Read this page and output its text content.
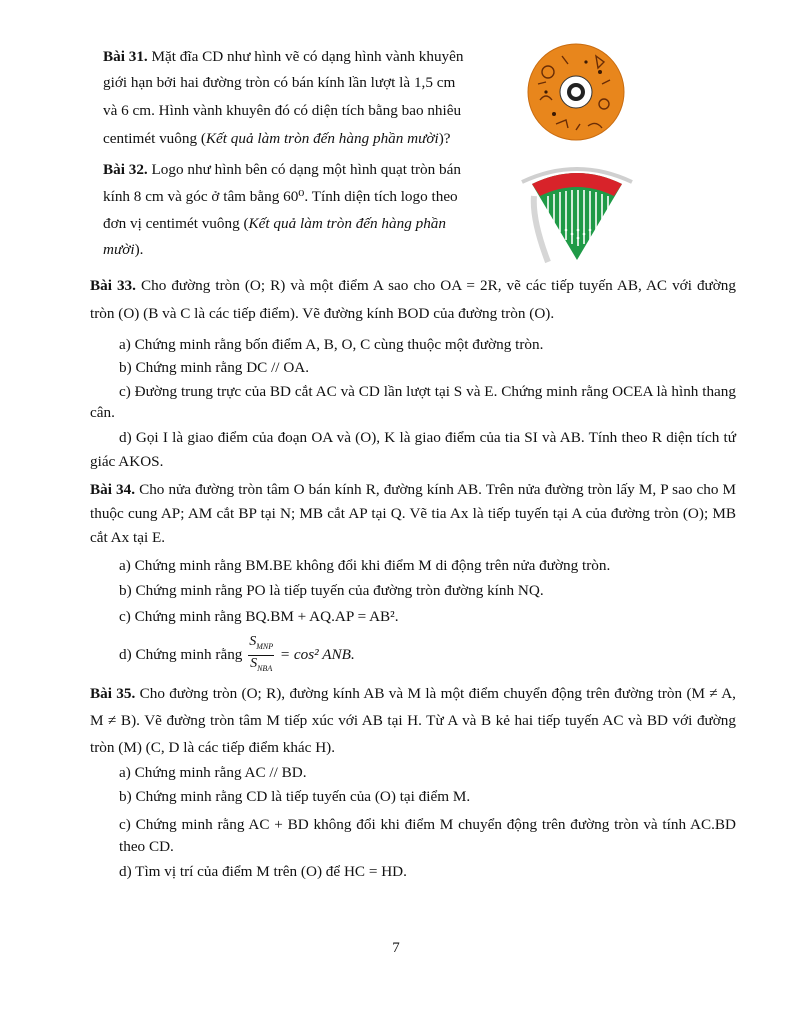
Bài 31. Mặt đĩa CD như hình vẽ có dạng hình vành khuyên
giới hạn bởi hai đường tròn có bán kính lần lượt là 1,5 cm
và 6 cm. Hình vành khuyên đó có diện tích bằng bao nhiêu
centimét vuông (Kết quả làm tròn đến hàng phần mười)?
Bài 32. Logo như hình bên có dạng một hình quạt tròn bán
kính 8 cm và góc ở tâm bằng 60⁰. Tính diện tích logo theo
đơn vị centimét vuông (Kết quả làm tròn đến hàng phần
mười).
Bài 33. Cho đường tròn (O; R) và một điểm A sao cho OA = 2R, vẽ các tiếp tuyến AB, AC với đường tròn (O) (B và C là các tiếp điểm). Vẽ đường kính BOD của đường tròn (O).
a) Chứng minh rằng bốn điểm A, B, O, C cùng thuộc một đường tròn.
b) Chứng minh rằng DC // OA.
c) Đường trung trực của BD cắt AC và CD lần lượt tại S và E. Chứng minh rằng OCEA là hình thang cân.
d) Gọi I là giao điểm của đoạn OA và (O), K là giao điểm của tia SI và AB. Tính theo R diện tích tứ giác AKOS.
Bài 34. Cho nửa đường tròn tâm O bán kính R, đường kính AB. Trên nửa đường tròn lấy M, P sao cho M thuộc cung AP; AM cắt BP tại N; MB cắt AP tại Q. Vẽ tia Ax là tiếp tuyến tại A của đường tròn (O); MB cắt Ax tại E.
a) Chứng minh rằng BM.BE không đổi khi điểm M di động trên nửa đường tròn.
b) Chứng minh rằng PO là tiếp tuyến của đường tròn đường kính NQ.
c) Chứng minh rằng BQ.BM + AQ.AP = AB².
d) Chứng minh rằng $\frac{S_{MNP}}{S_{NBA}} = \cos^2$ ANB.
Bài 35. Cho đường tròn (O; R), đường kính AB và M là một điểm chuyển động trên đường tròn (M ≠ A, M ≠ B). Vẽ đường tròn tâm M tiếp xúc với AB tại H. Từ A và B kẻ hai tiếp tuyến AC và BD với đường tròn (M) (C, D là các tiếp điểm khác H).
a) Chứng minh rằng AC // BD.
b) Chứng minh rằng CD là tiếp tuyến của (O) tại điểm M.
c) Chứng minh rằng AC + BD không đổi khi điểm M chuyển động trên đường tròn và tính AC.BD theo CD.
d) Tìm vị trí của điểm M trên (O) để HC = HD.
7
